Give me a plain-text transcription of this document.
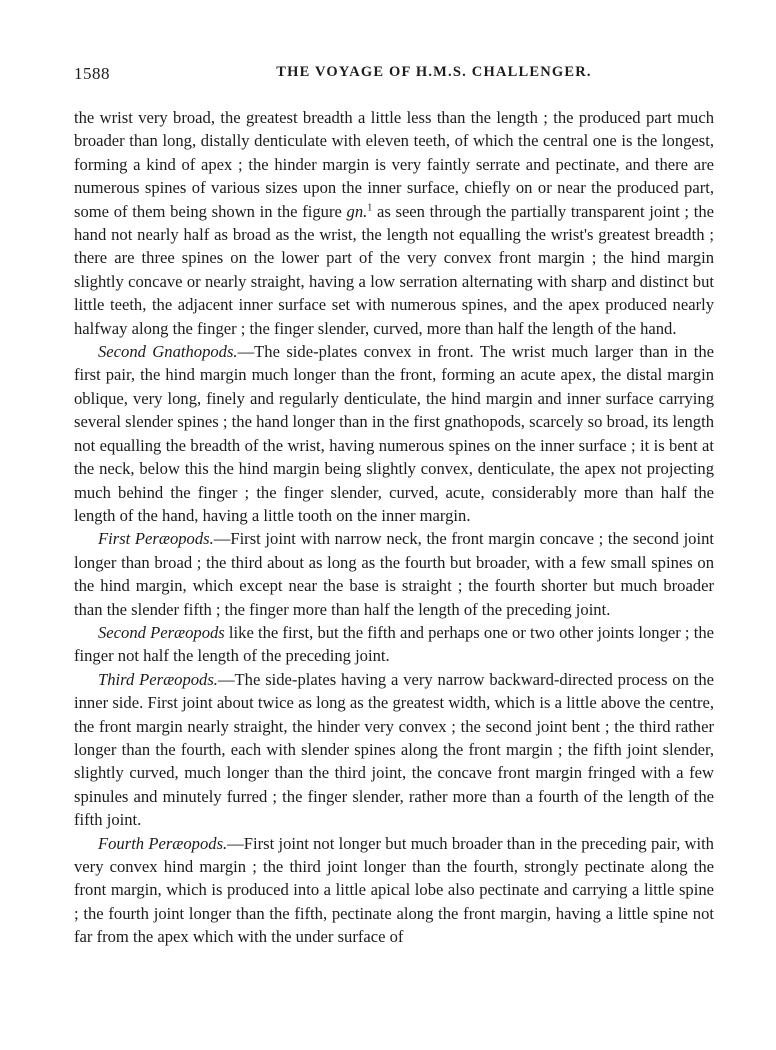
1588	THE VOYAGE OF H.M.S. CHALLENGER.

the wrist very broad, the greatest breadth a little less than the length ; the produced part much broader than long, distally denticulate with eleven teeth, of which the central one is the longest, forming a kind of apex ; the hinder margin is very faintly serrate and pectinate, and there are numerous spines of various sizes upon the inner surface, chiefly on or near the produced part, some of them being shown in the figure gn.$^1$ as seen through the partially transparent joint ; the hand not nearly half as broad as the wrist, the length not equalling the wrist's greatest breadth ; there are three spines on the lower part of the very convex front margin ; the hind margin slightly concave or nearly straight, having a low serration alternating with sharp and distinct but little teeth, the adjacent inner surface set with numerous spines, and the apex produced nearly halfway along the finger ; the finger slender, curved, more than half the length of the hand.

Second Gnathopods.—The side-plates convex in front. The wrist much larger than in the first pair, the hind margin much longer than the front, forming an acute apex, the distal margin oblique, very long, finely and regularly denticulate, the hind margin and inner surface carrying several slender spines ; the hand longer than in the first gnathopods, scarcely so broad, its length not equalling the breadth of the wrist, having numerous spines on the inner surface ; it is bent at the neck, below this the hind margin being slightly convex, denticulate, the apex not projecting much behind the finger ; the finger slender, curved, acute, considerably more than half the length of the hand, having a little tooth on the inner margin.

First Peræopods.—First joint with narrow neck, the front margin concave ; the second joint longer than broad ; the third about as long as the fourth but broader, with a few small spines on the hind margin, which except near the base is straight ; the fourth shorter but much broader than the slender fifth ; the finger more than half the length of the preceding joint.

Second Peræopods like the first, but the fifth and perhaps one or two other joints longer ; the finger not half the length of the preceding joint.

Third Peræopods.—The side-plates having a very narrow backward-directed process on the inner side. First joint about twice as long as the greatest width, which is a little above the centre, the front margin nearly straight, the hinder very convex ; the second joint bent ; the third rather longer than the fourth, each with slender spines along the front margin ; the fifth joint slender, slightly curved, much longer than the third joint, the concave front margin fringed with a few spinules and minutely furred ; the finger slender, rather more than a fourth of the length of the fifth joint.

Fourth Peræopods.—First joint not longer but much broader than in the preceding pair, with very convex hind margin ; the third joint longer than the fourth, strongly pectinate along the front margin, which is produced into a little apical lobe also pectinate and carrying a little spine ; the fourth joint longer than the fifth, pectinate along the front margin, having a little spine not far from the apex which with the under surface of
